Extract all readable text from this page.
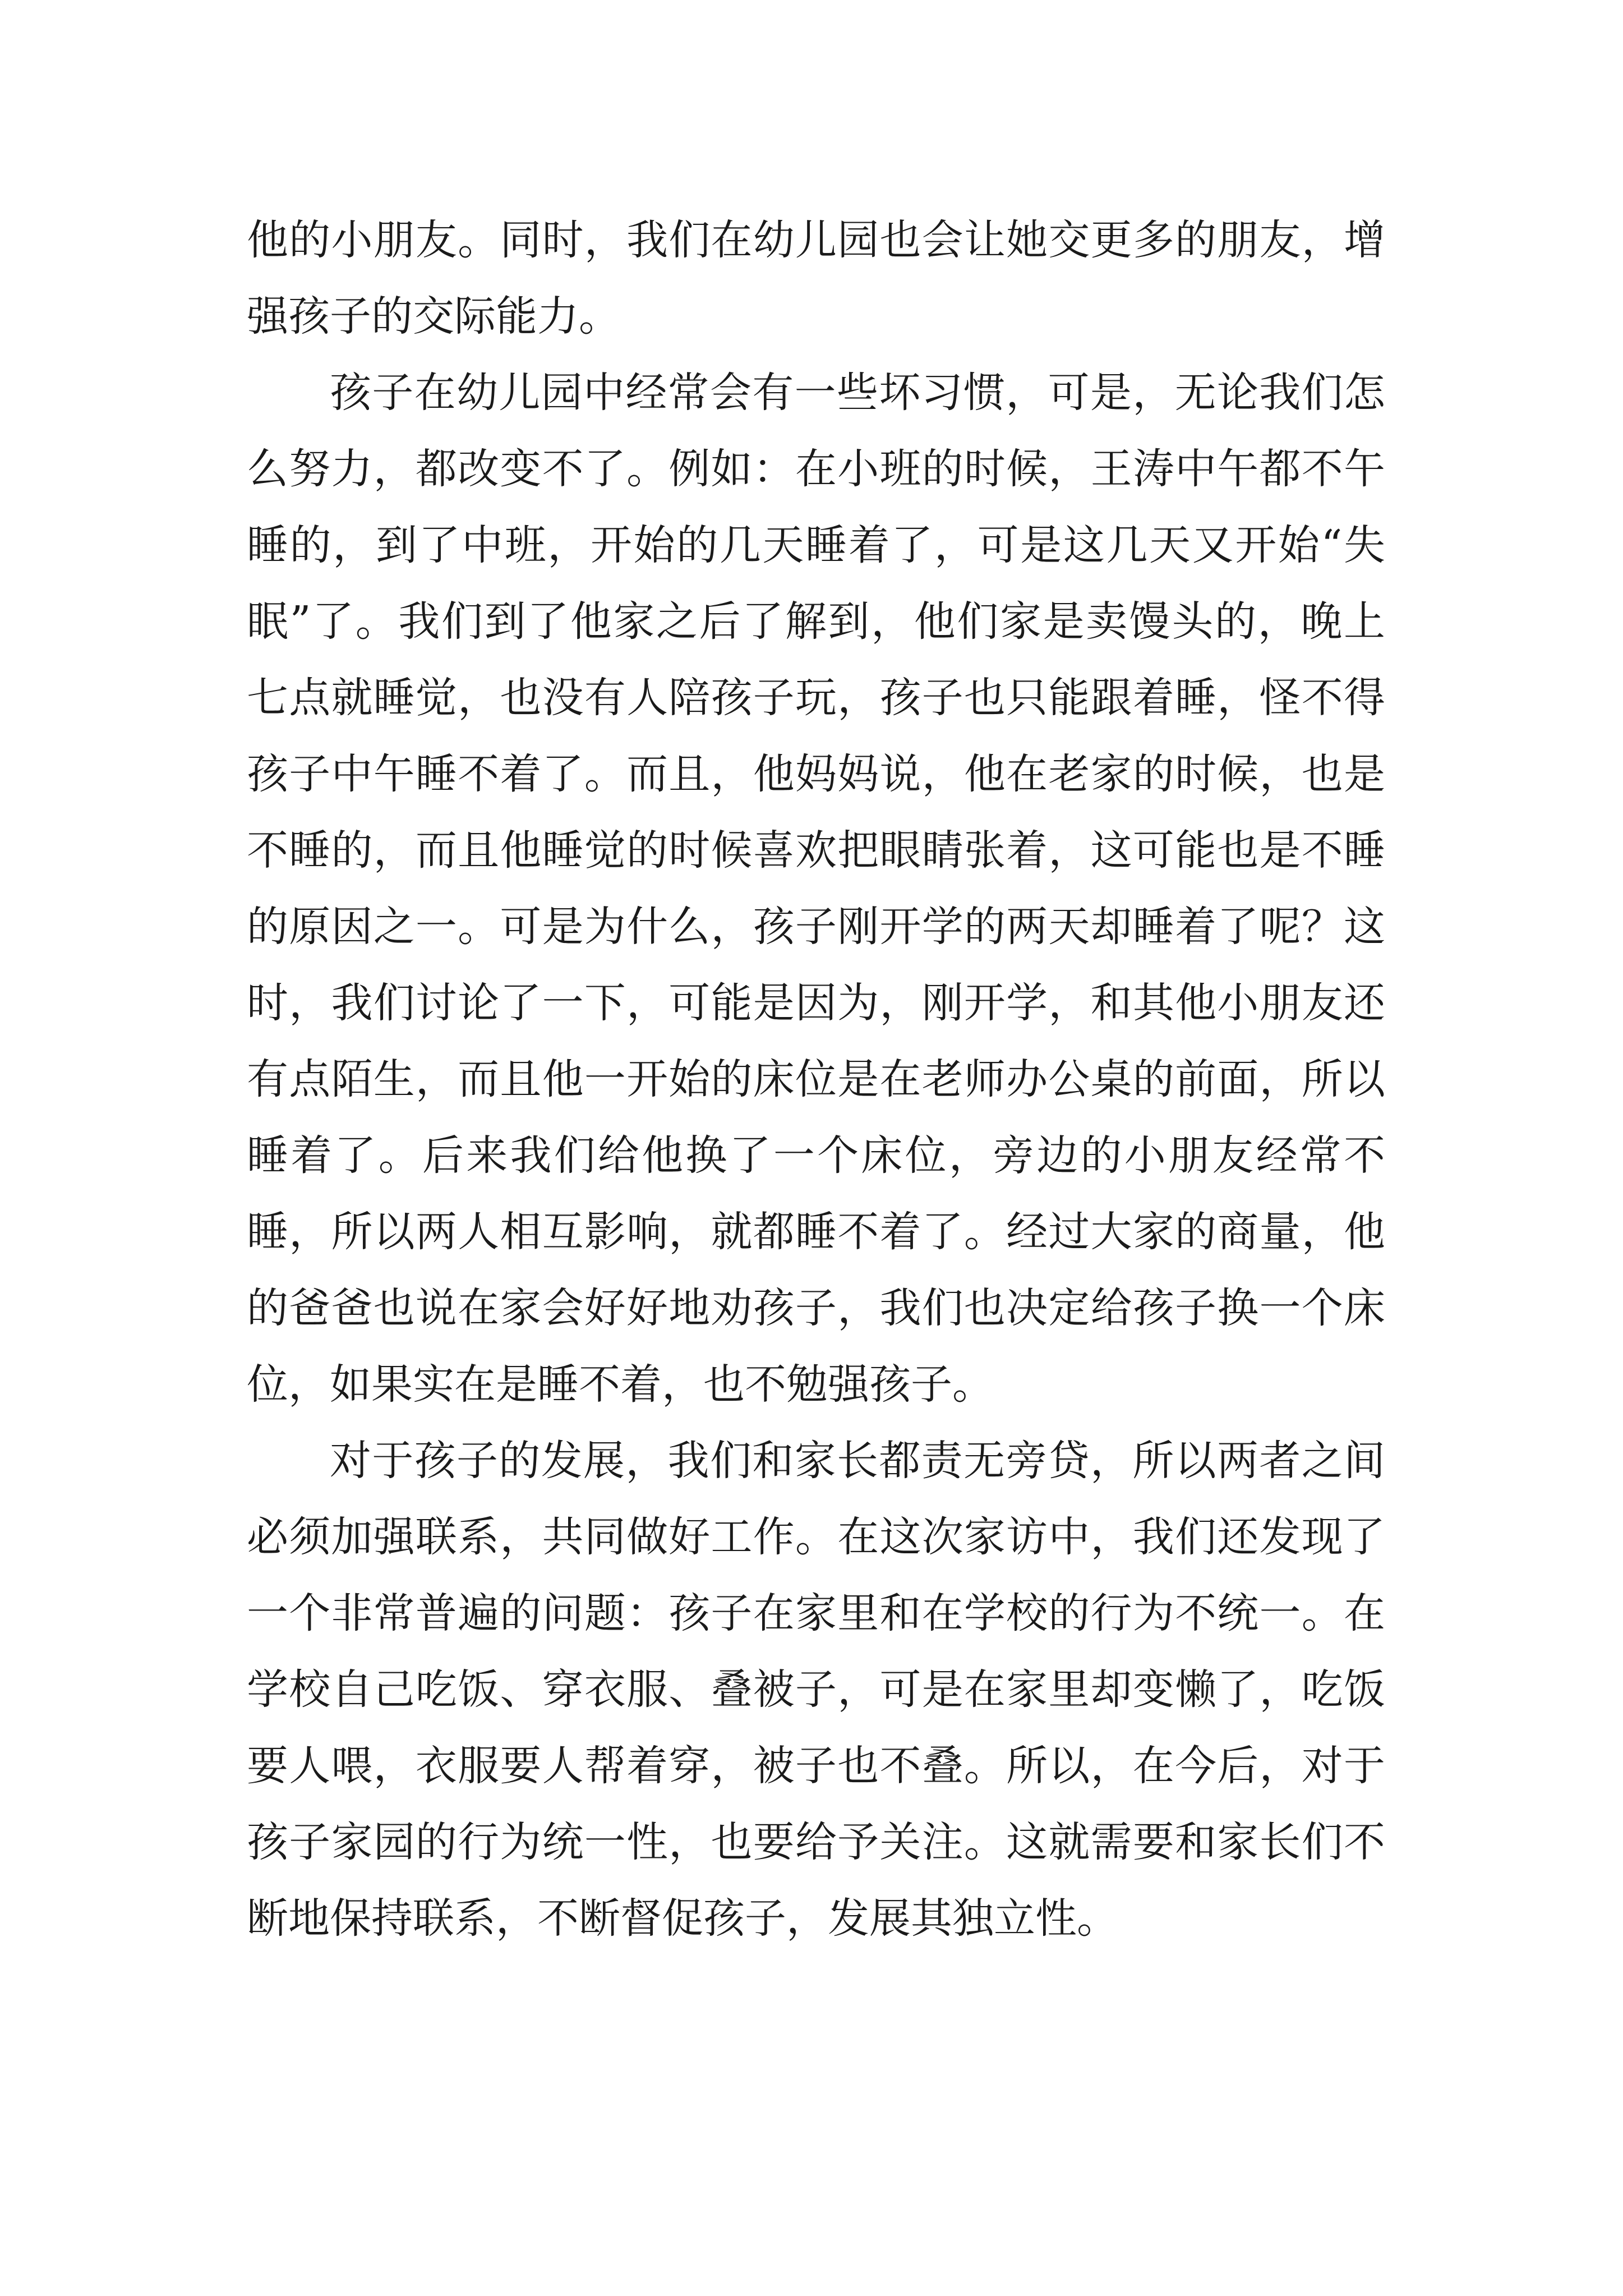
他的小朋友。同时，我们在幼儿园也会让她交更多的朋友，增强孩子的交际能力。

孩子在幼儿园中经常会有一些坏习惯，可是，无论我们怎么努力，都改变不了。例如：在小班的时候，王涛中午都不午睡的，到了中班，开始的几天睡着了，可是这几天又开始“失眠”了。我们到了他家之后了解到，他们家是卖馒头的，晚上七点就睡觉，也没有人陪孩子玩，孩子也只能跟着睡，怪不得孩子中午睡不着了。而且，他妈妈说，他在老家的时候，也是不睡的，而且他睡觉的时候喜欢把眼睛张着，这可能也是不睡的原因之一。可是为什么，孩子刚开学的两天却睡着了呢？这时，我们讨论了一下，可能是因为，刚开学，和其他小朋友还有点陌生，而且他一开始的床位是在老师办公桌的前面，所以睡着了。后来我们给他换了一个床位，旁边的小朋友经常不睡，所以两人相互影响，就都睡不着了。经过大家的商量，他的爸爸也说在家会好好地劝孩子，我们也决定给孩子换一个床位，如果实在是睡不着，也不勉强孩子。

对于孩子的发展，我们和家长都责无旁贷，所以两者之间必须加强联系，共同做好工作。在这次家访中，我们还发现了一个非常普遍的问题：孩子在家里和在学校的行为不统一。在学校自己吃饭、穿衣服、叠被子，可是在家里却变懒了，吃饭要人喂，衣服要人帮着穿，被子也不叠。所以，在今后，对于孩子家园的行为统一性，也要给予关注。这就需要和家长们不断地保持联系，不断督促孩子，发展其独立性。
